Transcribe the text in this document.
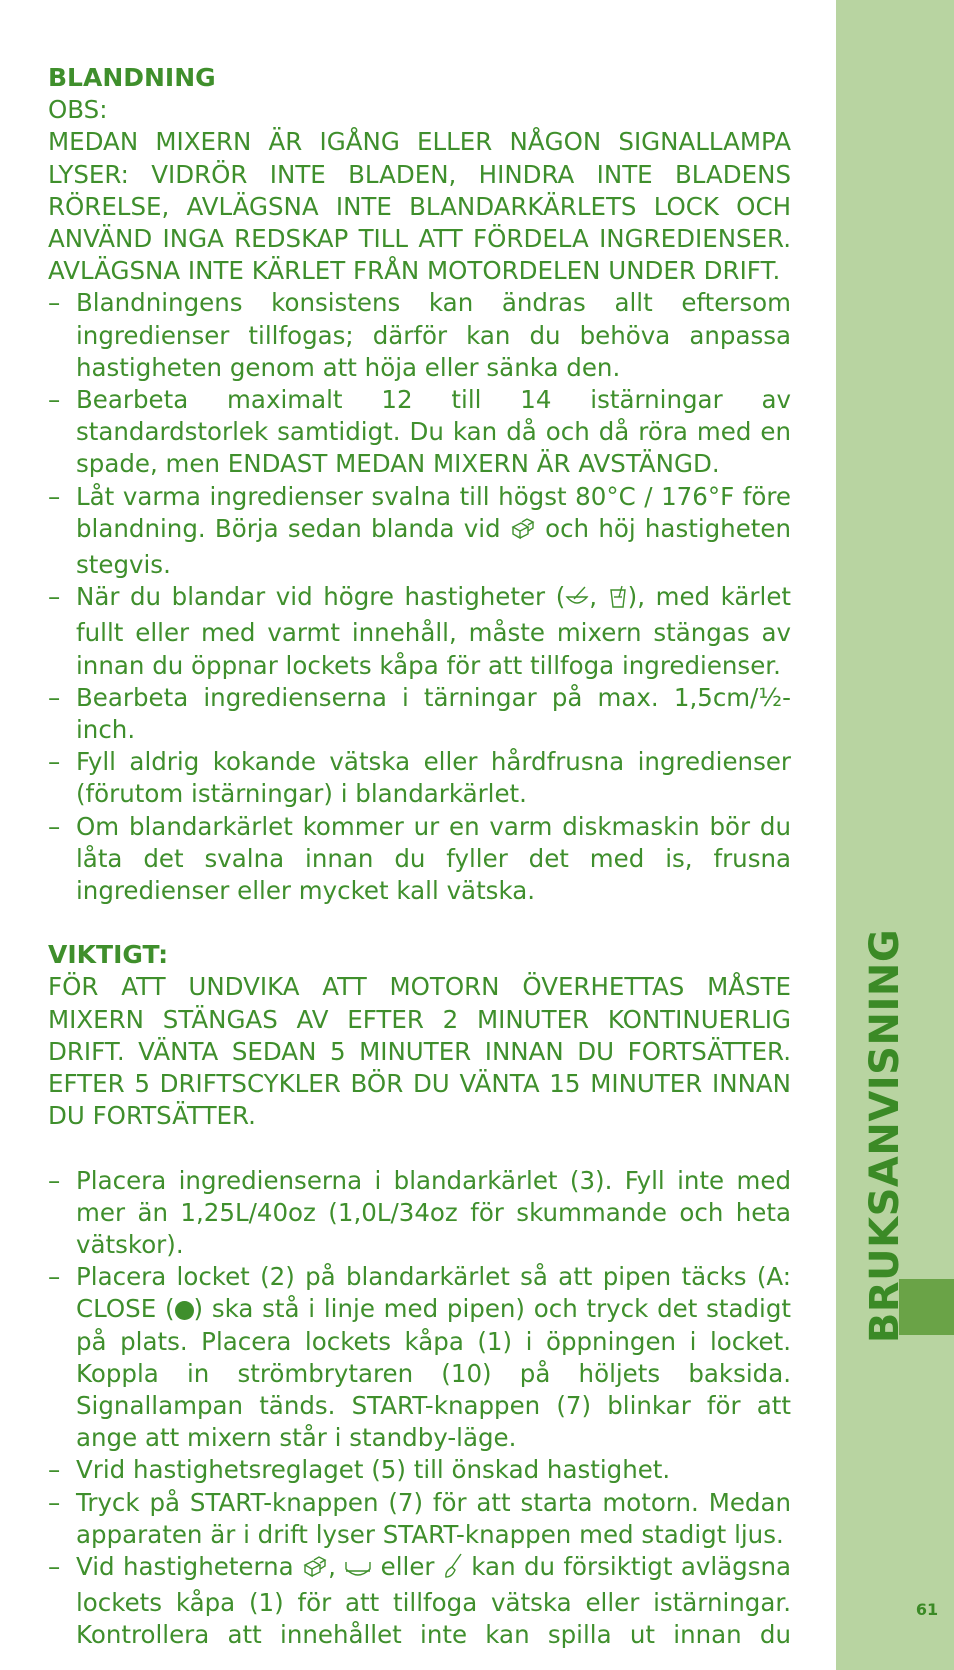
BRUKSANVISNING
61
BLANDNING
OBS:
MEDAN MIXERN ÄR IGÅNG ELLER NÅGON SIGNALLAMPA LYSER: VIDRÖR INTE BLADEN, HINDRA INTE BLADENS RÖRELSE, AVLÄGSNA INTE BLANDARKÄRLETS LOCK OCH ANVÄND INGA REDSKAP TILL ATT FÖRDELA INGREDIENSER. AVLÄGSNA INTE KÄRLET FRÅN MOTORDELEN UNDER DRIFT.
– Blandningens konsistens kan ändras allt eftersom ingredienser tillfogas; därför kan du behöva anpassa hastigheten genom att höja eller sänka den.
– Bearbeta maximalt 12 till 14 istärningar av standardstorlek samtidigt. Du kan då och då röra med en spade, men ENDAST MEDAN MIXERN ÄR AVSTÄNGD.
– Låt varma ingredienser svalna till högst 80°C / 176°F före blandning. Börja sedan blanda vid och höj hastigheten stegvis.
– När du blandar vid högre hastigheter ( , ), med kärlet fullt eller med varmt innehåll, måste mixern stängas av innan du öppnar lockets kåpa för att tillfoga ingredienser.
– Bearbeta ingredienserna i tärningar på max. 1,5cm/½-inch.
– Fyll aldrig kokande vätska eller hårdfrusna ingredienser (förutom istärningar) i blandarkärlet.
– Om blandarkärlet kommer ur en varm diskmaskin bör du låta det svalna innan du fyller det med is, frusna ingredienser eller mycket kall vätska.
VIKTIGT:
FÖR ATT UNDVIKA ATT MOTORN ÖVERHETTAS MÅSTE MIXERN STÄNGAS AV EFTER 2 MINUTER KONTINUERLIG DRIFT. VÄNTA SEDAN 5 MINUTER INNAN DU FORTSÄTTER. EFTER 5 DRIFTSCYKLER BÖR DU VÄNTA 15 MINUTER INNAN DU FORTSÄTTER.
– Placera ingredienserna i blandarkärlet (3). Fyll inte med mer än 1,25L/40oz (1,0L/34oz för skummande och heta vätskor).
– Placera locket (2) på blandarkärlet så att pipen täcks (A: CLOSE ( ) ska stå i linje med pipen) och tryck det stadigt på plats. Placera lockets kåpa (1) i öppningen i locket. Koppla in strömbrytaren (10) på höljets baksida. Signallampan tänds. START-knappen (7) blinkar för att ange att mixern står i standby-läge.
– Vrid hastighetsreglaget (5) till önskad hastighet.
– Tryck på START-knappen (7) för att starta motorn. Medan apparaten är i drift lyser START-knappen med stadigt ljus.
– Vid hastigheterna , eller kan du försiktigt avlägsna lockets kåpa (1) för att tillfoga vätska eller istärningar. Kontrollera att innehållet inte kan spilla ut innan du
